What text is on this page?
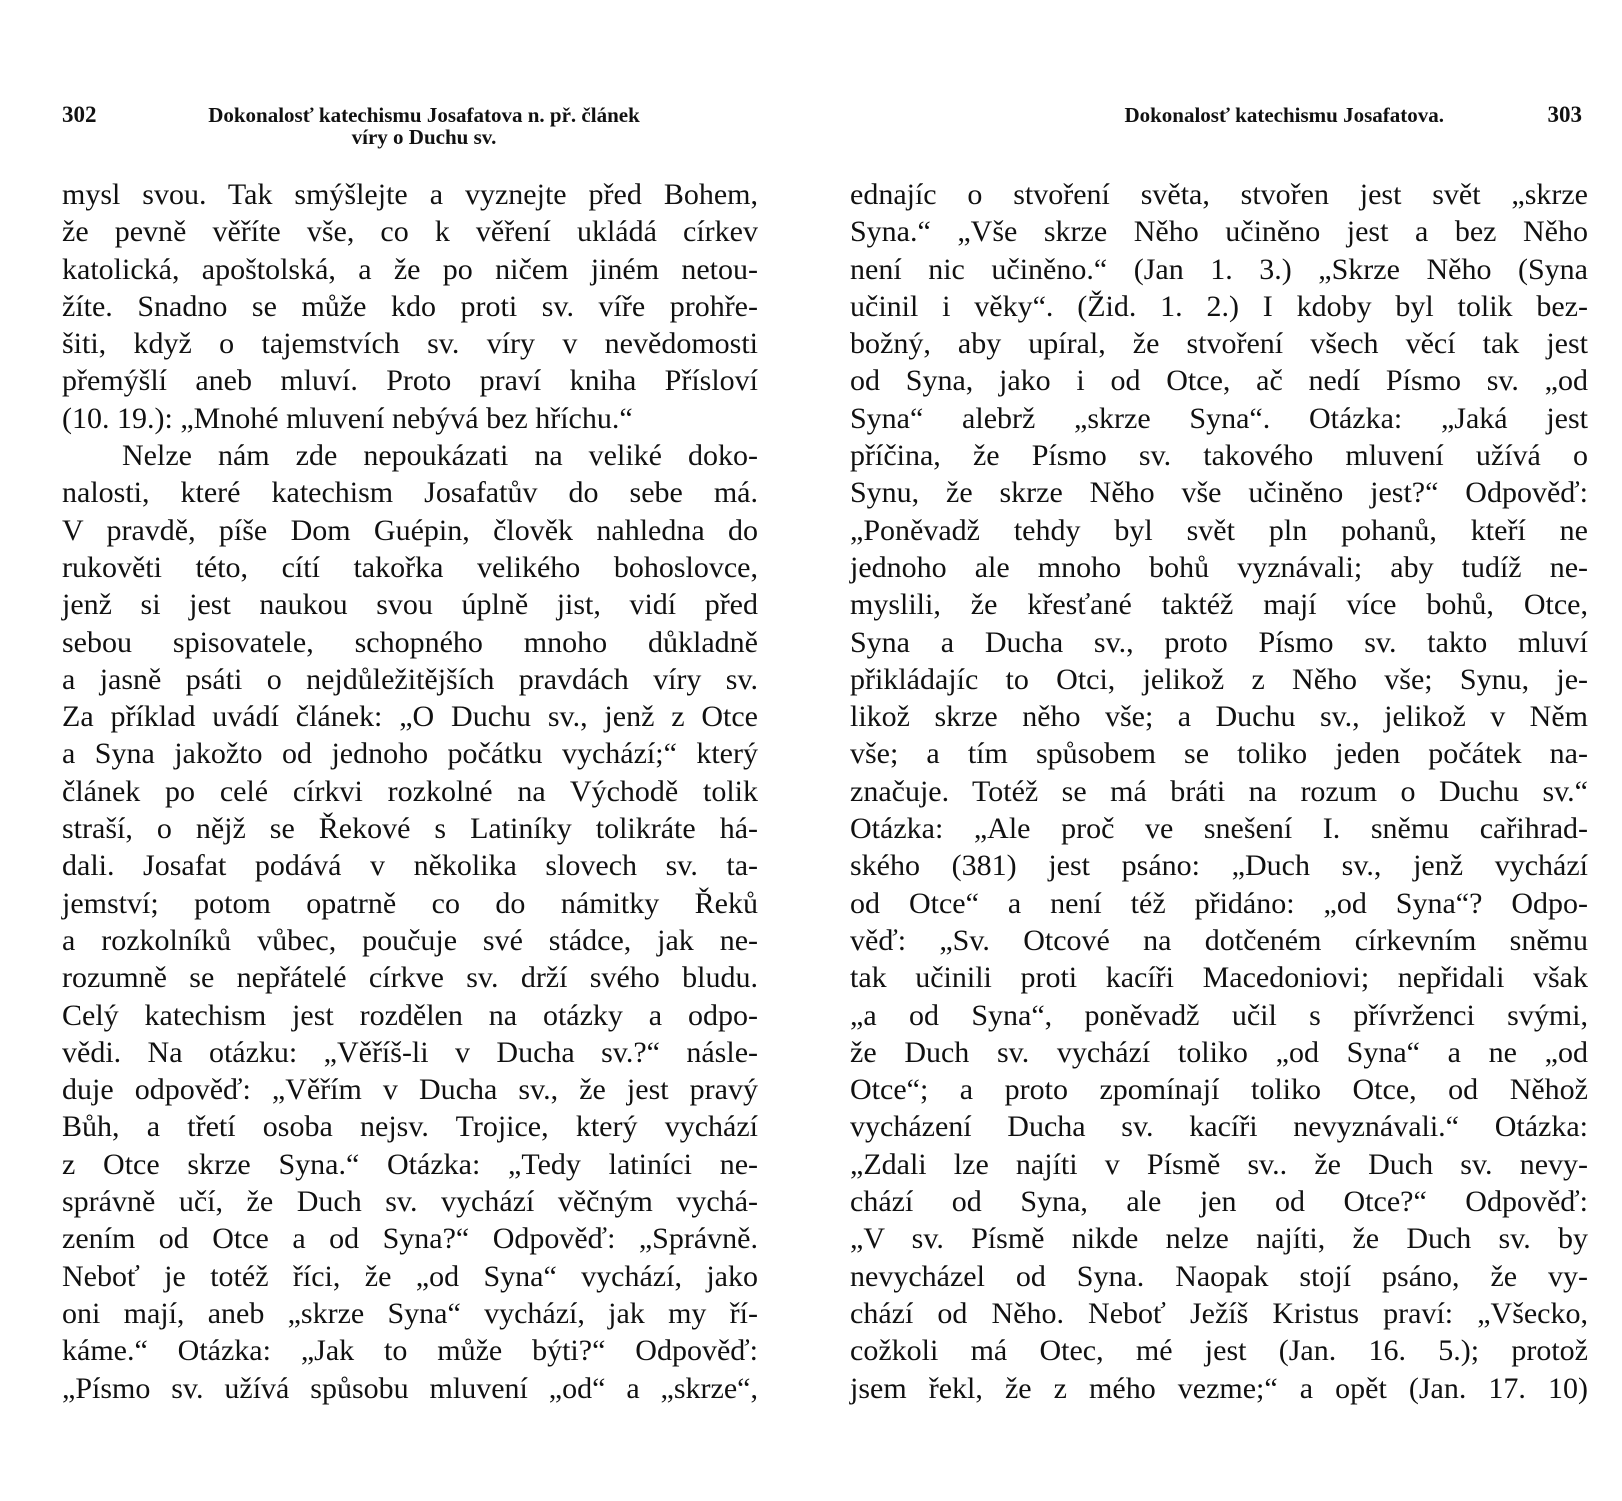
302	Dokonalosť katechismu Josafatova n. př. článek
víry o Duchu sv.
mysl svou. Tak smýšlejte a vyznejte před Bohem,
že pevně věříte vše, co k věření ukládá církev
katolická, apoštolská, a že po ničem jiném netou-
žíte. Snadno se může kdo proti sv. víře prohře-
šiti, když o tajemstvích sv. víry v nevědomosti
přemýšlí aneb mluví. Proto praví kniha Přísloví
(10. 19.): „Mnohé mluvení nebývá bez hříchu.“
Nelze nám zde nepoukázati na veliké doko-
nalosti, které katechism Josafatův do sebe má.
V pravdě, píše Dom Guépin, člověk nahledna do
rukověti této, cítí takořka velikého bohoslovce,
jenž si jest naukou svou úplně jist, vidí před
sebou spisovatele, schopného mnoho důkladně
a jasně psáti o nejdůležitějších pravdách víry sv.
Za příklad uvádí článek: „O Duchu sv., jenž z Otce
a Syna jakožto od jednoho počátku vychází;“ který
článek po celé církvi rozkolné na Východě tolik
straší, o nějž se Řekové s Latiníky tolikráte há-
dali. Josafat podává v několika slovech sv. ta-
jemství; potom opatrně co do námitky Řeků
a rozkolníků vůbec, poučuje své stádce, jak ne-
rozumně se nepřátelé církve sv. drží svého bludu.
Celý katechism jest rozdělen na otázky a odpo-
vědi. Na otázku: „Věříš-li v Ducha sv.?“ násle-
duje odpověď: „Věřím v Ducha sv., že jest pravý
Bůh, a třetí osoba nejsv. Trojice, který vychází
z Otce skrze Syna.“ Otázka: „Tedy latiníci ne-
správně učí, že Duch sv. vychází věčným vychá-
zením od Otce a od Syna?“ Odpověď: „Správně.
Neboť je totéž říci, že „od Syna“ vychází, jako
oni mají, aneb „skrze Syna“ vychází, jak my ří-
káme.“ Otázka: „Jak to může býti?“ Odpověď:
„Písmo sv. užívá spůsobu mluvení „od“ a „skrze“,
Dokonalosť katechismu Josafatova.	303
ednajíc o stvoření světa, stvořen jest svět „skrze
Syna.“ „Vše skrze Něho učiněno jest a bez Něho
není nic učiněno.“ (Jan 1. 3.) „Skrze Něho (Syna
učinil i věky“. (Žid. 1. 2.) I kdoby byl tolik bez-
božný, aby upíral, že stvoření všech věcí tak jest
od Syna, jako i od Otce, ač nedí Písmo sv. „od
Syna“ alebrž „skrze Syna“. Otázka: „Jaká jest
příčina, že Písmo sv. takového mluvení užívá o
Synu, že skrze Něho vše učiněno jest?“ Odpověď:
„Poněvadž tehdy byl svět pln pohanů, kteří ne
jednoho ale mnoho bohů vyznávali; aby tudíž ne-
myslili, že křesťané taktéž mají více bohů, Otce,
Syna a Ducha sv., proto Písmo sv. takto mluví
přikládajíc to Otci, jelikož z Něho vše; Synu, je-
likož skrze něho vše; a Duchu sv., jelikož v Něm
vše; a tím spůsobem se toliko jeden počátek na-
značuje. Totéž se má bráti na rozum o Duchu sv.“
Otázka: „Ale proč ve snešení I. sněmu cařihrad-
ského (381) jest psáno: „Duch sv., jenž vychází
od Otce“ a není též přidáno: „od Syna“? Odpo-
věď: „Sv. Otcové na dotčeném církevním sněmu
tak učinili proti kacíři Macedoniovi; nepřidali však
„a od Syna“, poněvadž učil s přívrženci svými,
že Duch sv. vychází toliko „od Syna“ a ne „od
Otce“; a proto zpomínají toliko Otce, od Něhož
vycházení Ducha sv. kacíři nevyznávali.“ Otázka:
„Zdali lze najíti v Písmě sv.. že Duch sv. nevy-
chází od Syna, ale jen od Otce?“ Odpověď:
„V sv. Písmě nikde nelze najíti, že Duch sv. by
nevycházel od Syna. Naopak stojí psáno, že vy-
chází od Něho. Neboť Ježíš Kristus praví: „Všecko,
cožkoli má Otec, mé jest (Jan. 16. 5.); protož
jsem řekl, že z mého vezme;“ a opět (Jan. 17. 10)
